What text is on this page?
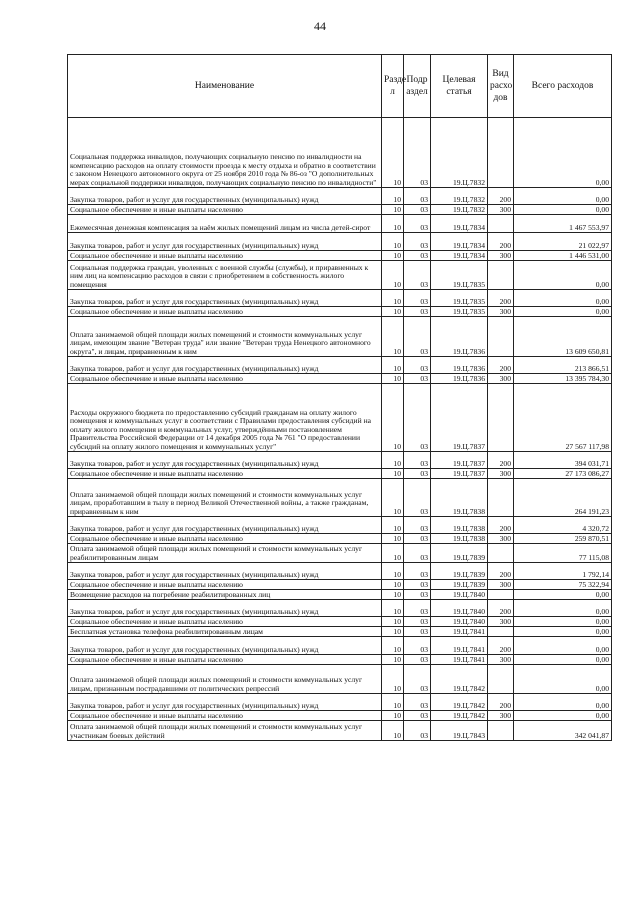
44
Наименование	Разде л	Подр аздел	Целевая статья	Вид расхо дов	Всего расходов
Социальная поддержка инвалидов, получающих социальную пенсию по инвалидности на компенсацию расходов на оплату стоимости проезда к месту отдыха и обратно в соответствии с законом Ненецкого автономного округа от 25 ноября 2010 года № 86-оз "О дополнительных мерах социальной поддержки инвалидов, получающих социальную пенсию по инвалидности"	10	03	19.Ц.7832		0,00
Закупка товаров, работ и услуг для государственных (муниципальных) нужд	10	03	19.Ц.7832	200	0,00
Социальное обеспечение и иные выплаты населению	10	03	19.Ц.7832	300	0,00
Ежемесячная денежная компенсация за наём жилых помещений лицам из числа детей-сирот	10	03	19.Ц.7834		1 467 553,97
Закупка товаров, работ и услуг для государственных (муниципальных) нужд	10	03	19.Ц.7834	200	21 022,97
Социальное обеспечение и иные выплаты населению	10	03	19.Ц.7834	300	1 446 531,00
Социальная поддержка граждан, уволенных с военной службы (службы), и приравненных к ним лиц на компенсацию расходов в связи с приобретением в собственность жилого помещения	10	03	19.Ц.7835		0,00
Закупка товаров, работ и услуг для государственных (муниципальных) нужд	10	03	19.Ц.7835	200	0,00
Социальное обеспечение и иные выплаты населению	10	03	19.Ц.7835	300	0,00
Оплата занимаемой общей площади жилых помещений и стоимости коммунальных услуг лицам, имеющим звание "Ветеран труда" или звание "Ветеран труда Ненецкого автономного округа", и лицам, приравненным к ним	10	03	19.Ц.7836		13 609 650,81
Закупка товаров, работ и услуг для государственных (муниципальных) нужд	10	03	19.Ц.7836	200	213 866,51
Социальное обеспечение и иные выплаты населению	10	03	19.Ц.7836	300	13 395 784,30
Расходы окружного бюджета по предоставлению субсидий гражданам на оплату жилого помещения и коммунальных услуг в соответствии с Правилами предоставления субсидий на оплату жилого помещения и коммунальных услуг, утверждёнными постановлением Правительства Российской Федерации от 14 декабря 2005 года № 761 "О предоставлении субсидий на оплату жилого помещения и коммунальных услуг"	10	03	19.Ц.7837		27 567 117,98
Закупка товаров, работ и услуг для государственных (муниципальных) нужд	10	03	19.Ц.7837	200	394 031,71
Социальное обеспечение и иные выплаты населению	10	03	19.Ц.7837	300	27 173 086,27
Оплата занимаемой общей площади жилых помещений и стоимости коммунальных услуг лицам, проработавшим в тылу в период Великой Отечественной войны, а также гражданам, приравненным к ним	10	03	19.Ц.7838		264 191,23
Закупка товаров, работ и услуг для государственных (муниципальных) нужд	10	03	19.Ц.7838	200	4 320,72
Социальное обеспечение и иные выплаты населению	10	03	19.Ц.7838	300	259 870,51
Оплата занимаемой общей площади жилых помещений и стоимости коммунальных услуг реабилитированным лицам	10	03	19.Ц.7839		77 115,08
Закупка товаров, работ и услуг для государственных (муниципальных) нужд	10	03	19.Ц.7839	200	1 792,14
Социальное обеспечение и иные выплаты населению	10	03	19.Ц.7839	300	75 322,94
Возмещение расходов на погребение реабилитированных лиц	10	03	19.Ц.7840		0,00
Закупка товаров, работ и услуг для государственных (муниципальных) нужд	10	03	19.Ц.7840	200	0,00
Социальное обеспечение и иные выплаты населению	10	03	19.Ц.7840	300	0,00
Бесплатная установка телефона реабилитированным лицам	10	03	19.Ц.7841		0,00
Закупка товаров, работ и услуг для государственных (муниципальных) нужд	10	03	19.Ц.7841	200	0,00
Социальное обеспечение и иные выплаты населению	10	03	19.Ц.7841	300	0,00
Оплата занимаемой общей площади жилых помещений и стоимости коммунальных услуг лицам, признанным пострадавшими от политических репрессий	10	03	19.Ц.7842		0,00
Закупка товаров, работ и услуг для государственных (муниципальных) нужд	10	03	19.Ц.7842	200	0,00
Социальное обеспечение и иные выплаты населению	10	03	19.Ц.7842	300	0,00
Оплата занимаемой общей площади жилых помещений и стоимости коммунальных услуг участникам боевых действий	10	03	19.Ц.7843		342 041,87
